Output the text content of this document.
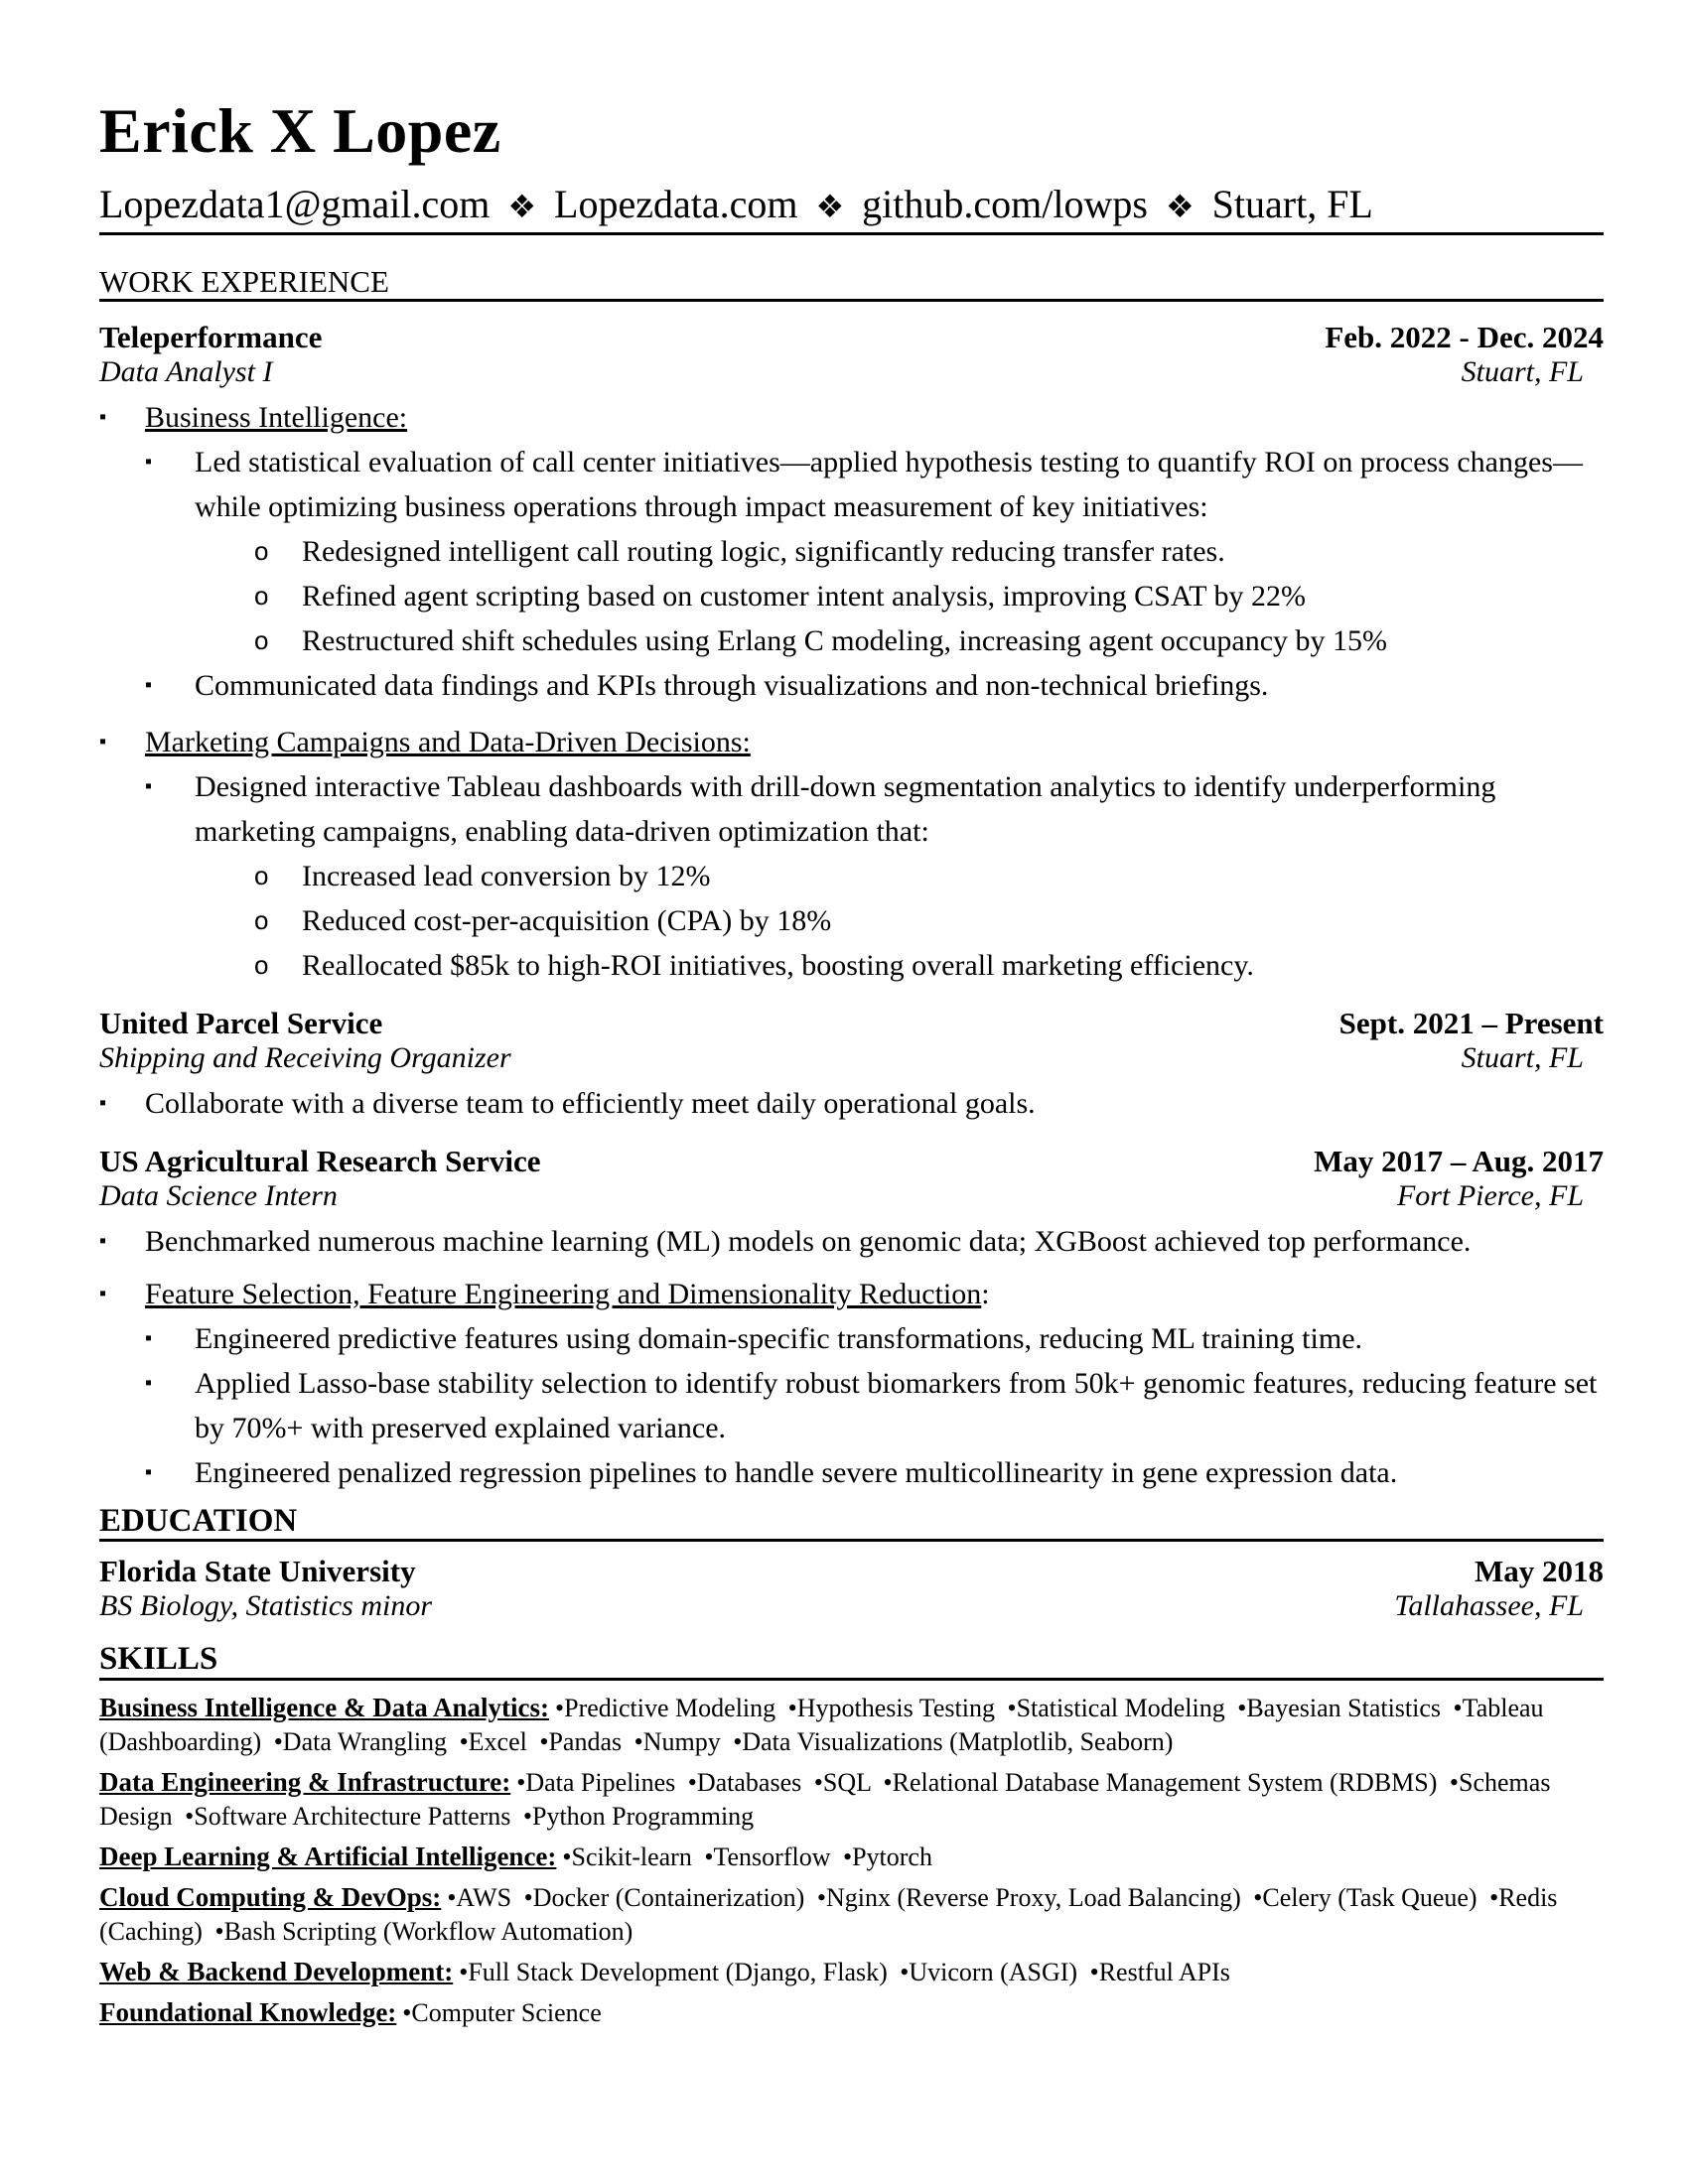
Erick X Lopez
Lopezdata1@gmail.com ❖ Lopezdata.com ❖ github.com/lowps ❖ Stuart, FL
WORK EXPERIENCE
Teleperformance	Feb. 2022 - Dec. 2024
Data Analyst I	Stuart, FL
▪ Business Intelligence:
▪ Led statistical evaluation of call center initiatives—applied hypothesis testing to quantify ROI on process changes—while optimizing business operations through impact measurement of key initiatives:
o Redesigned intelligent call routing logic, significantly reducing transfer rates.
o Refined agent scripting based on customer intent analysis, improving CSAT by 22%
o Restructured shift schedules using Erlang C modeling, increasing agent occupancy by 15%
▪ Communicated data findings and KPIs through visualizations and non-technical briefings.
▪ Marketing Campaigns and Data-Driven Decisions:
▪ Designed interactive Tableau dashboards with drill-down segmentation analytics to identify underperforming marketing campaigns, enabling data-driven optimization that:
o Increased lead conversion by 12%
o Reduced cost-per-acquisition (CPA) by 18%
o Reallocated $85k to high-ROI initiatives, boosting overall marketing efficiency.
United Parcel Service	Sept. 2021 – Present
Shipping and Receiving Organizer	Stuart, FL
▪ Collaborate with a diverse team to efficiently meet daily operational goals.
US Agricultural Research Service	May 2017 – Aug. 2017
Data Science Intern	Fort Pierce, FL
▪ Benchmarked numerous machine learning (ML) models on genomic data; XGBoost achieved top performance.
▪ Feature Selection, Feature Engineering and Dimensionality Reduction:
▪ Engineered predictive features using domain-specific transformations, reducing ML training time.
▪ Applied Lasso-base stability selection to identify robust biomarkers from 50k+ genomic features, reducing feature set by 70%+ with preserved explained variance.
▪ Engineered penalized regression pipelines to handle severe multicollinearity in gene expression data.
EDUCATION
Florida State University	May 2018
BS Biology, Statistics minor	Tallahassee, FL
SKILLS
Business Intelligence & Data Analytics: • Predictive Modeling • Hypothesis Testing • Statistical Modeling • Bayesian Statistics • Tableau (Dashboarding) • Data Wrangling • Excel • Pandas • Numpy • Data Visualizations (Matplotlib, Seaborn)
Data Engineering & Infrastructure: • Data Pipelines • Databases • SQL • Relational Database Management System (RDBMS) • Schemas Design • Software Architecture Patterns • Python Programming
Deep Learning & Artificial Intelligence: • Scikit-learn • Tensorflow • Pytorch
Cloud Computing & DevOps: • AWS • Docker (Containerization) • Nginx (Reverse Proxy, Load Balancing) • Celery (Task Queue) • Redis (Caching) • Bash Scripting (Workflow Automation)
Web & Backend Development: • Full Stack Development (Django, Flask) • Uvicorn (ASGI) • Restful APIs
Foundational Knowledge: • Computer Science
